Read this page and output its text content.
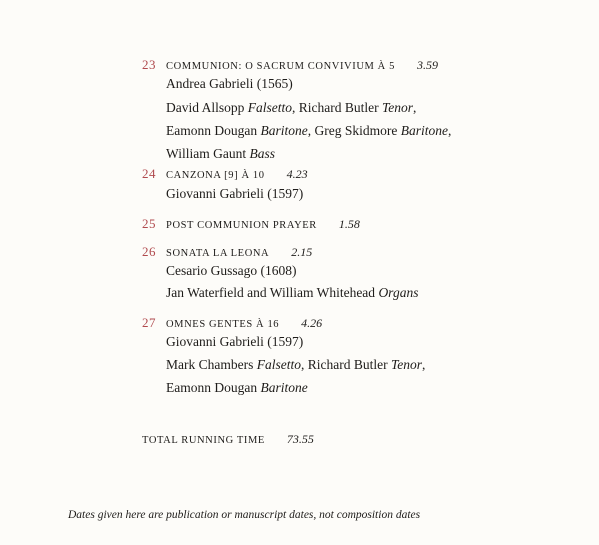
23 COMMUNION: O SACRUM CONVIVIUM À 5 3.59
Andrea Gabrieli (1565)
David Allsopp Falsetto, Richard Butler Tenor,
Eamonn Dougan Baritone, Greg Skidmore Baritone,
William Gaunt Bass
24 CANZONA [9] À 10 4.23
Giovanni Gabrieli (1597)
25 POST COMMUNION PRAYER 1.58
26 SONATA LA LEONA 2.15
Cesario Gussago (1608)
Jan Waterfield and William Whitehead Organs
27 OMNES GENTES À 16 4.26
Giovanni Gabrieli (1597)
Mark Chambers Falsetto, Richard Butler Tenor,
Eamonn Dougan Baritone
TOTAL RUNNING TIME 73.55
Dates given here are publication or manuscript dates, not composition dates
